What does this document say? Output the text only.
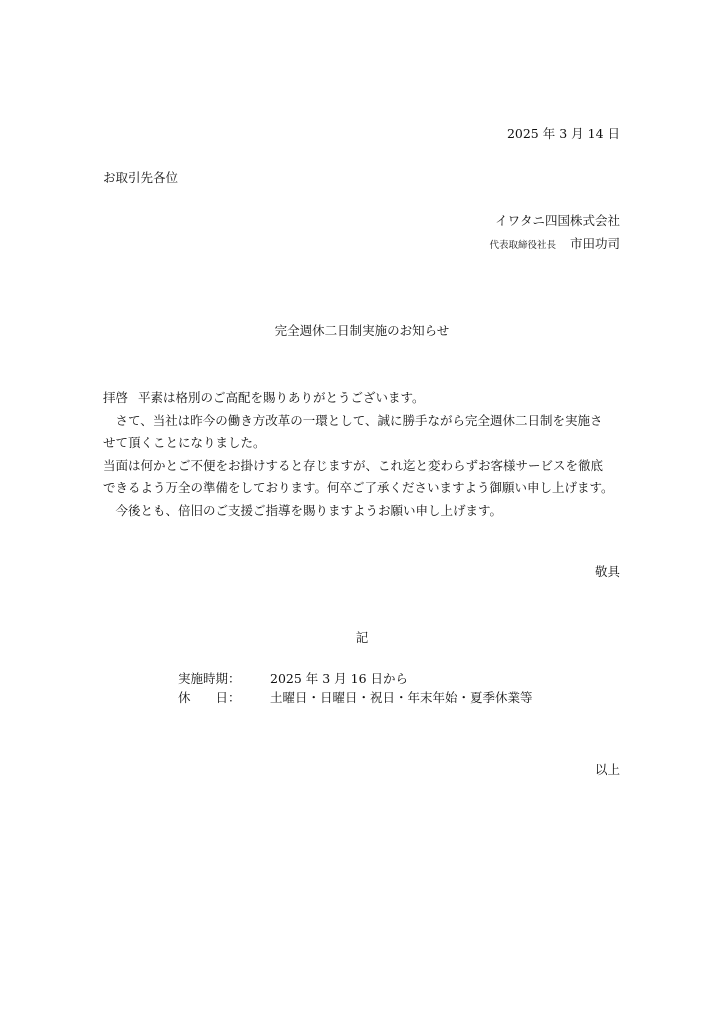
2025 年 3 月 14 日
お取引先各位
イワタニ四国株式会社
代表取締役社長 市田功司
完全週休二日制実施のお知らせ
拝啓 平素は格別のご高配を賜りありがとうございます。
　さて、当社は昨今の働き方改革の一環として、誠に勝手ながら完全週休二日制を実施さ
せて頂くことになりました。
当面は何かとご不便をお掛けすると存じますが、これ迄と変わらずお客様サービスを徹底
できるよう万全の準備をしております。何卒ご了承くださいますよう御願い申し上げます。
　今後とも、倍旧のご支援ご指導を賜りますようお願い申し上げます。
敬具
記
実施時期：	2025 年 3 月 16 日から
休　　日：	土曜日・日曜日・祝日・年末年始・夏季休業等
以上
